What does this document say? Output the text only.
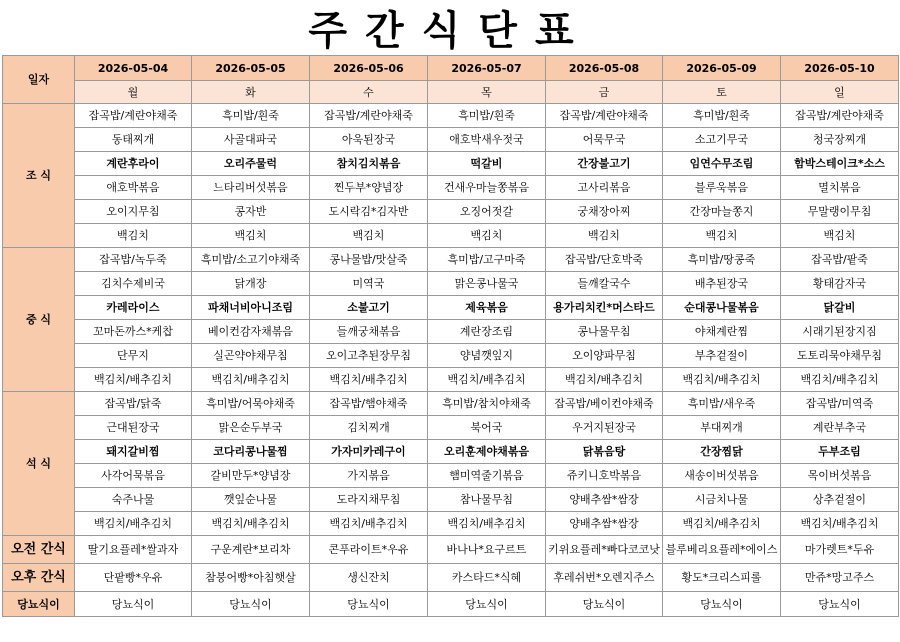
주간식단표
일자	2026-05-04	2026-05-05	2026-05-06	2026-05-07	2026-05-08	2026-05-09	2026-05-10
	월	화	수	목	금	토	일
조 식	잡곡밥/계란야채죽	흑미밥/흰죽	잡곡밥/계란야채죽	흑미밥/흰죽	잡곡밥/계란야채죽	흑미밥/흰죽	잡곡밥/계란야채죽
	동태찌개	사골대파국	아욱된장국	애호박새우젓국	어묵무국	소고기무국	청국장찌개
	계란후라이	오리주물럭	참치김치볶음	떡갈비	간장불고기	임연수무조림	함박스테이크*소스
	애호박볶음	느타리버섯볶음	찐두부*양념장	건새우마늘쫑볶음	고사리볶음	블루욱볶음	멸치볶음
	오이지무침	콩자반	도시락김*김자반	오징어젓갈	궁채장아찌	간장마늘쫑지	무말랭이무침
	백김치	백김치	백김치	백김치	백김치	백김치	백김치
중 식	잡곡밥/녹두죽	흑미밥/소고기야채죽	콩나물밥/맛살죽	흑미밥/고구마죽	잡곡밥/단호박죽	흑미밥/땅콩죽	잡곡밥/팥죽
	김치수제비국	닭개장	미역국	맑은콩나물국	들깨칼국수	배추된장국	황태감자국
	카레라이스	파채너비아니조림	소불고기	제육볶음	용가리치킨*머스타드	순대콩나물볶음	닭갈비
	꼬마돈까스*케찹	베이컨감자채볶음	들깨궁채볶음	계란장조림	콩나물무침	야채계란찜	시래기된장지짐
	단무지	실곤약야채무침	오이고추된장무침	양념깻잎지	오이양파무침	부추겉절이	도토리묵야채무침
	백김치/배추김치	백김치/배추김치	백김치/배추김치	백김치/배추김치	백김치/배추김치	백김치/배추김치	백김치/배추김치
석 식	잡곡밥/닭죽	흑미밥/어묵야채죽	잡곡밥/햄야채죽	흑미밥/참치야채죽	잡곡밥/베이컨야채죽	흑미밥/새우죽	잡곡밥/미역죽
	근대된장국	맑은순두부국	김치찌개	북어국	우거지된장국	부대찌개	계란부추국
	돼지갈비찜	코다리콩나물찜	가자미카레구이	오리훈제야채볶음	닭볶음탕	간장찜닭	두부조림
	사각어묵볶음	갈비만두*양념장	가지볶음	햄미역줄기볶음	쥬키니호박볶음	새송이버섯볶음	목이버섯볶음
	숙주나물	깻잎순나물	도라지채무침	참나물무침	양배추쌈*쌈장	시금치나물	상추겉절이
	백김치/배추김치	백김치/배추김치	백김치/배추김치	백김치/배추김치	양배추쌈*쌈장	백김치/배추김치	백김치/배추김치
오전 간식	딸기요플레*쌀과자	구운계란*보리차	콘푸라이트*우유	바나나*요구르트	키위요플레*빠다코코낫	블루베리요플레*에이스	마가렛트*두유
오후 간식	단팥빵*우유	참붕어빵*아침햇살	생신잔치	카스타드*식혜	후레쉬번*오렌지주스	황도*크리스피롤	만쥬*망고주스
당뇨식이	당뇨식이	당뇨식이	당뇨식이	당뇨식이	당뇨식이	당뇨식이	당뇨식이
